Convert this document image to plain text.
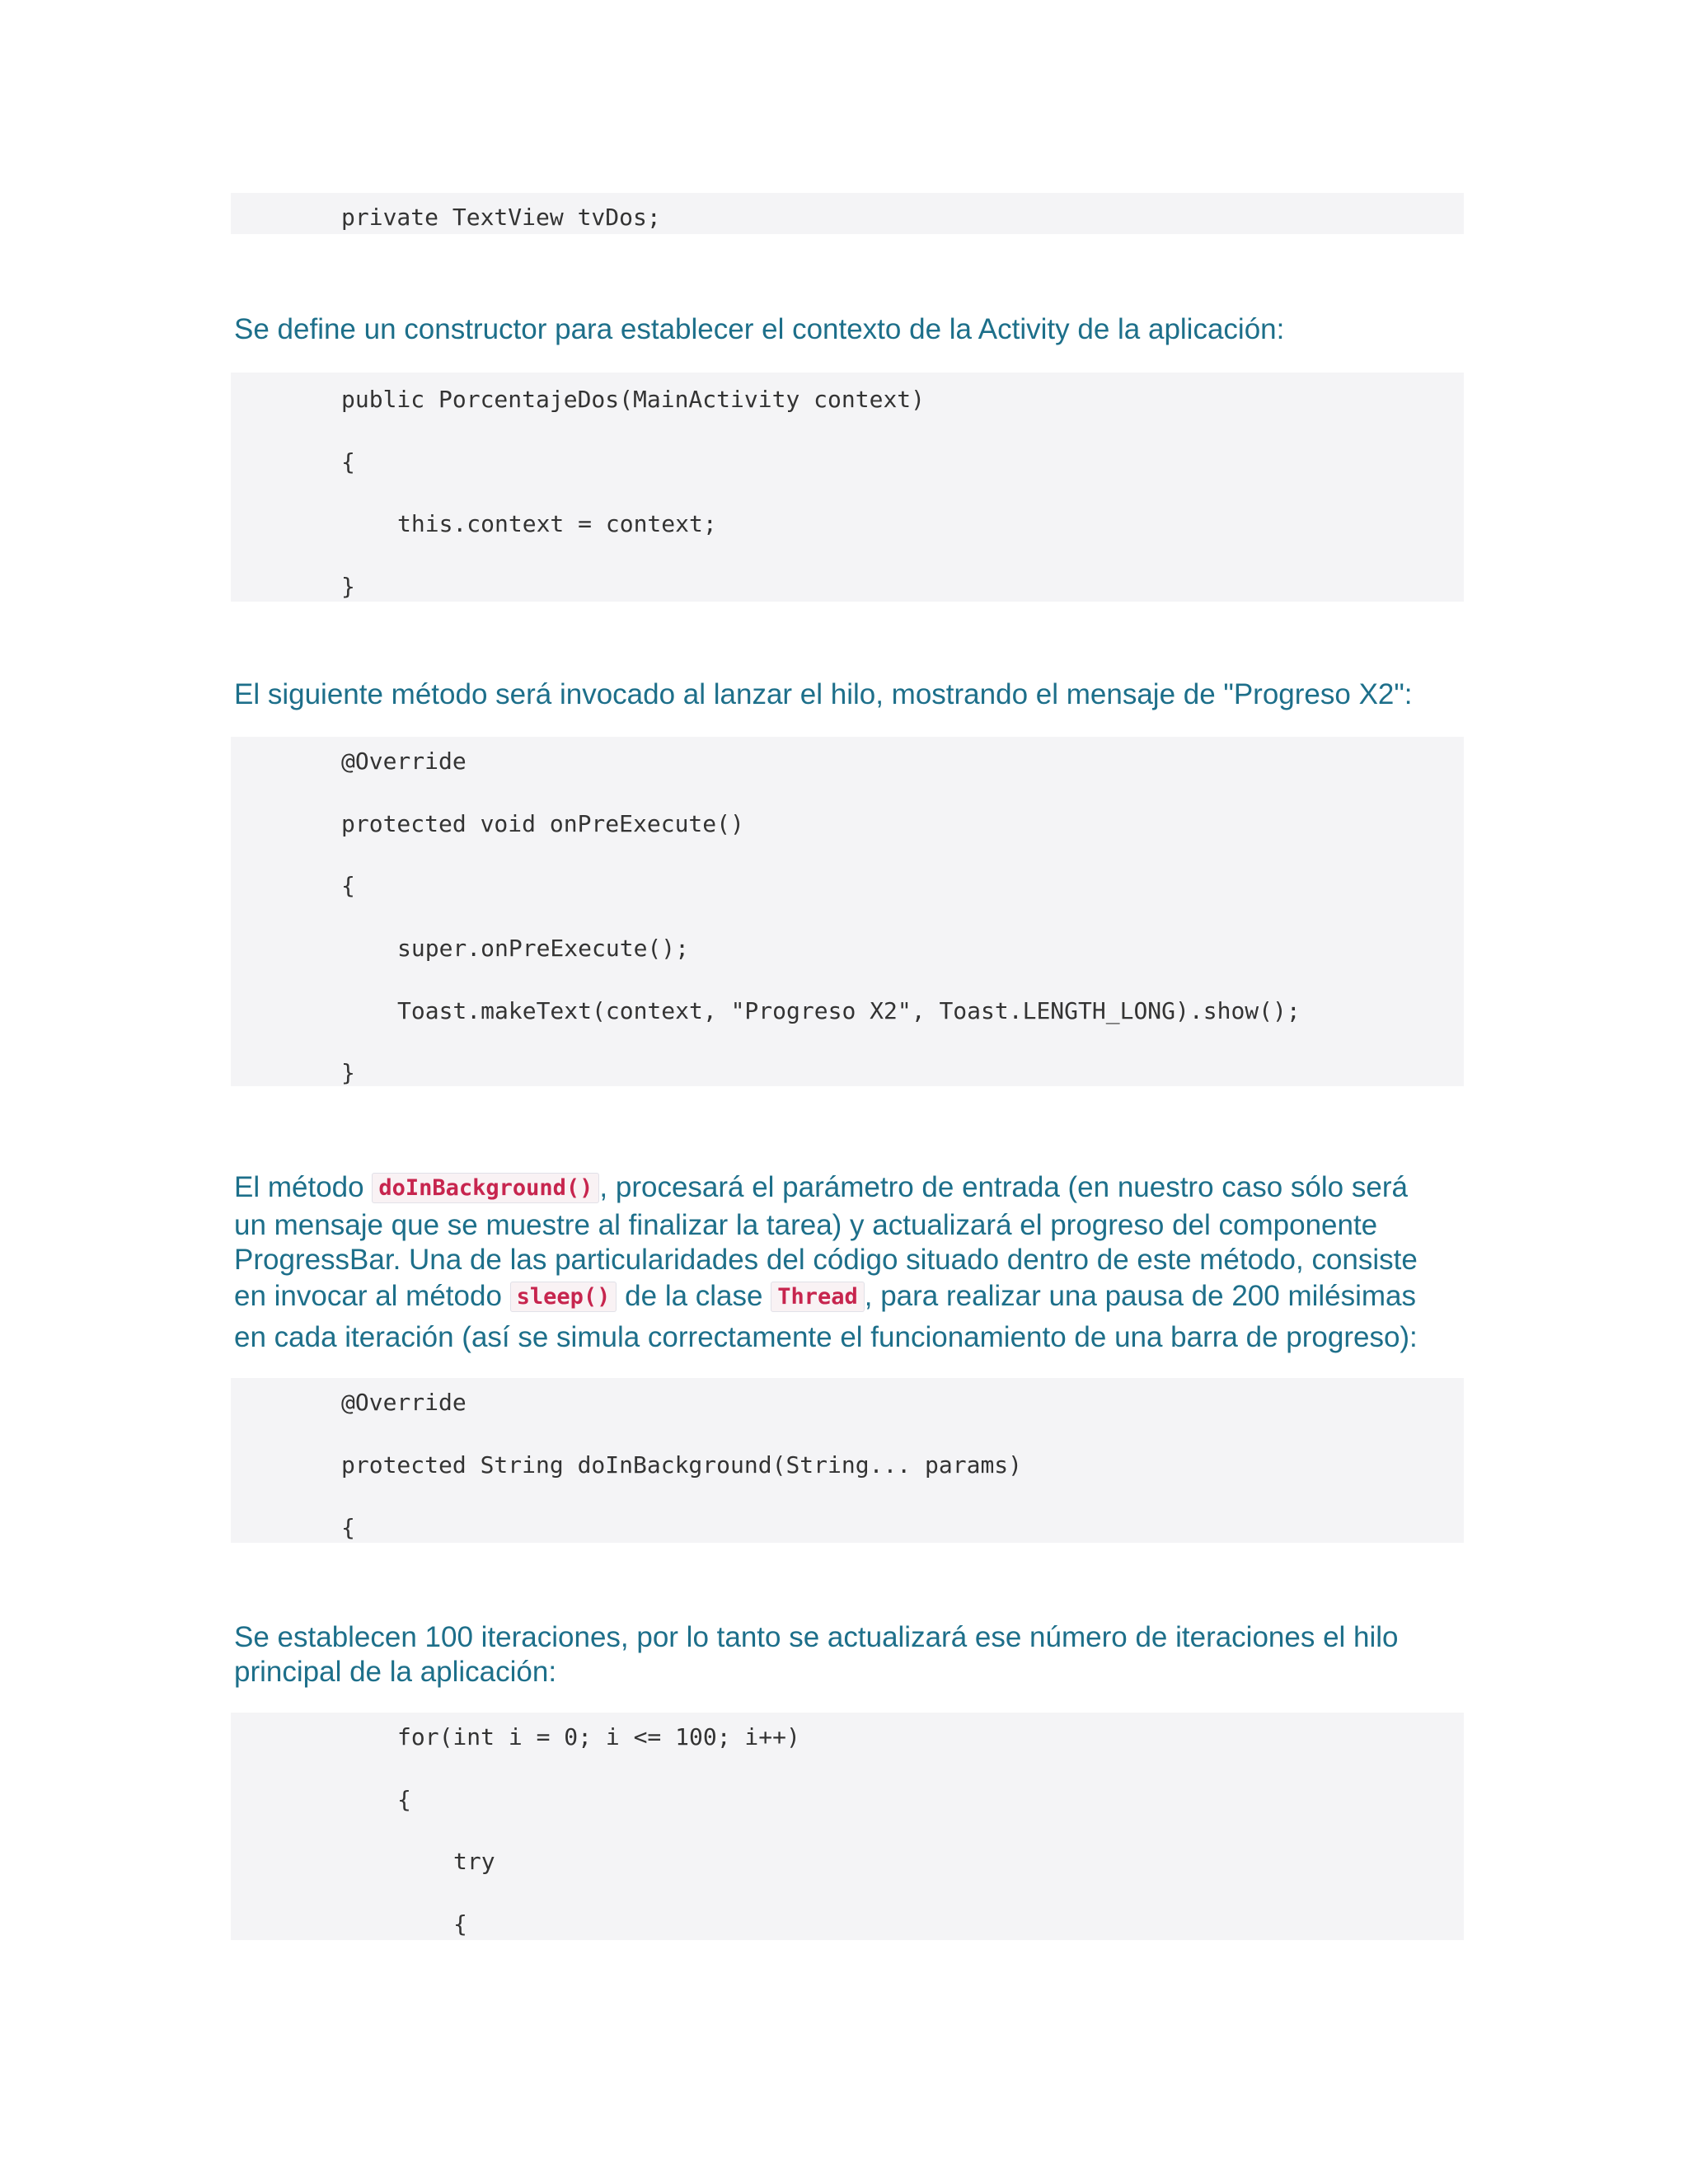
private TextView tvDos;

Se define un constructor para establecer el contexto de la Activity de la aplicación:

public PorcentajeDos(MainActivity context)
{
this.context = context;
}

El siguiente método será invocado al lanzar el hilo, mostrando el mensaje de "Progreso X2":

@Override
protected void onPreExecute()
{
super.onPreExecute();
Toast.makeText(context, "Progreso X2", Toast.LENGTH_LONG).show();
}
El método doInBackground() , procesará el parámetro de entrada (en nuestro caso sólo será
un mensaje que se muestre al finalizar la tarea) y actualizará el progreso del componente
ProgressBar. Una de las particularidades del código situado dentro de este método, consiste
en invocar al método sleep() de la clase Thread , para realizar una pausa de 200 milésimas
en cada iteración (así se simula correctamente el funcionamiento de una barra de progreso):
@Override
protected String doInBackground(String... params)
{
Se establecen 100 iteraciones, por lo tanto se actualizará ese número de iteraciones el hilo
principal de la aplicación:
for(int i = 0; i <= 100; i++)
{
try
{
